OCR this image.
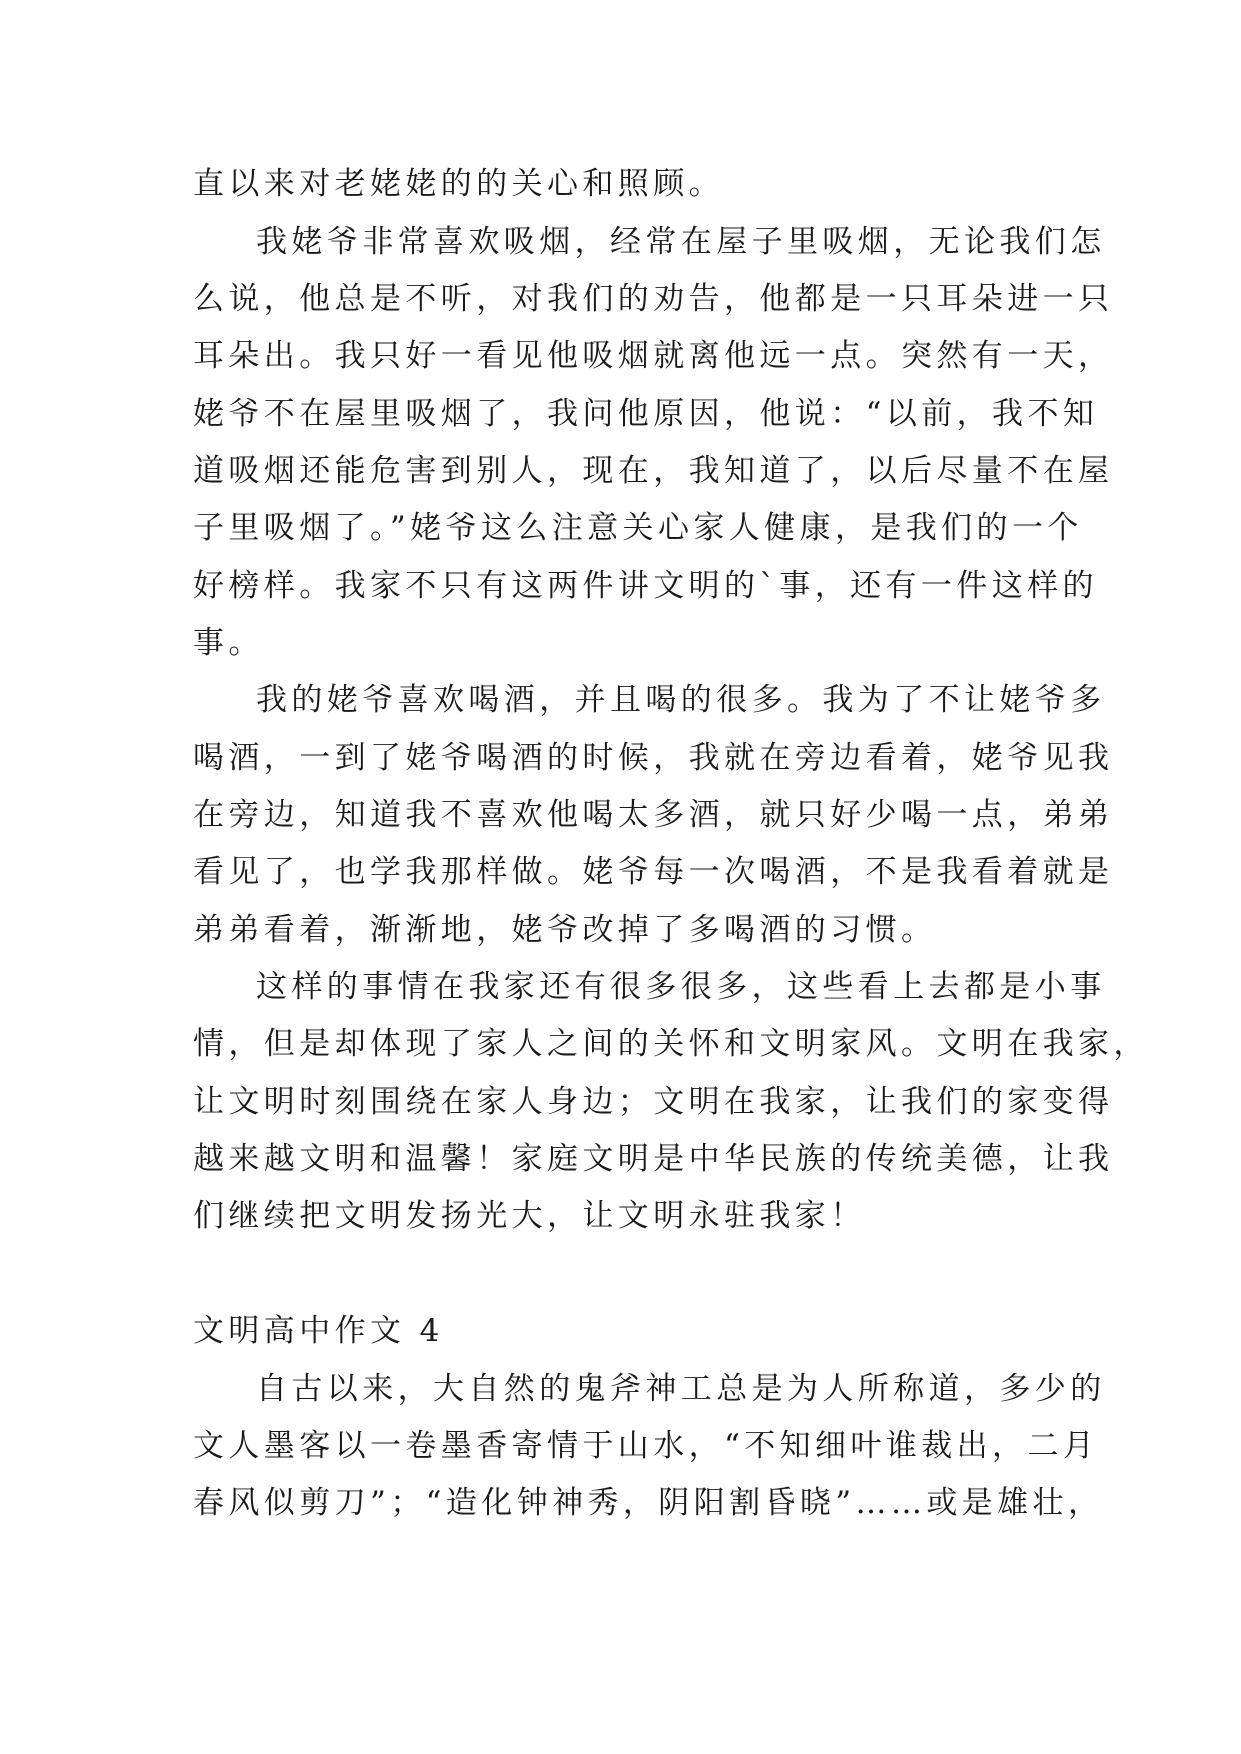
直以来对老姥姥的的关心和照顾。
我姥爷非常喜欢吸烟，经常在屋子里吸烟，无论我们怎
么说，他总是不听，对我们的劝告，他都是一只耳朵进一只
耳朵出。我只好一看见他吸烟就离他远一点。突然有一天，
姥爷不在屋里吸烟了，我问他原因，他说：“以前，我不知
道吸烟还能危害到别人，现在，我知道了，以后尽量不在屋
子里吸烟了。”姥爷这么注意关心家人健康，是我们的一个
好榜样。我家不只有这两件讲文明的`事，还有一件这样的
事。
我的姥爷喜欢喝酒，并且喝的很多。我为了不让姥爷多
喝酒，一到了姥爷喝酒的时候，我就在旁边看着，姥爷见我
在旁边，知道我不喜欢他喝太多酒，就只好少喝一点，弟弟
看见了，也学我那样做。姥爷每一次喝酒，不是我看着就是
弟弟看着，渐渐地，姥爷改掉了多喝酒的习惯。
这样的事情在我家还有很多很多，这些看上去都是小事
情，但是却体现了家人之间的关怀和文明家风。文明在我家，
让文明时刻围绕在家人身边；文明在我家，让我们的家变得
越来越文明和温馨！家庭文明是中华民族的传统美德，让我
们继续把文明发扬光大，让文明永驻我家！
文明高中作文 4
自古以来，大自然的鬼斧神工总是为人所称道，多少的
文人墨客以一卷墨香寄情于山水，“不知细叶谁裁出，二月
春风似剪刀”；“造化钟神秀，阴阳割昏晓”……或是雄壮，
